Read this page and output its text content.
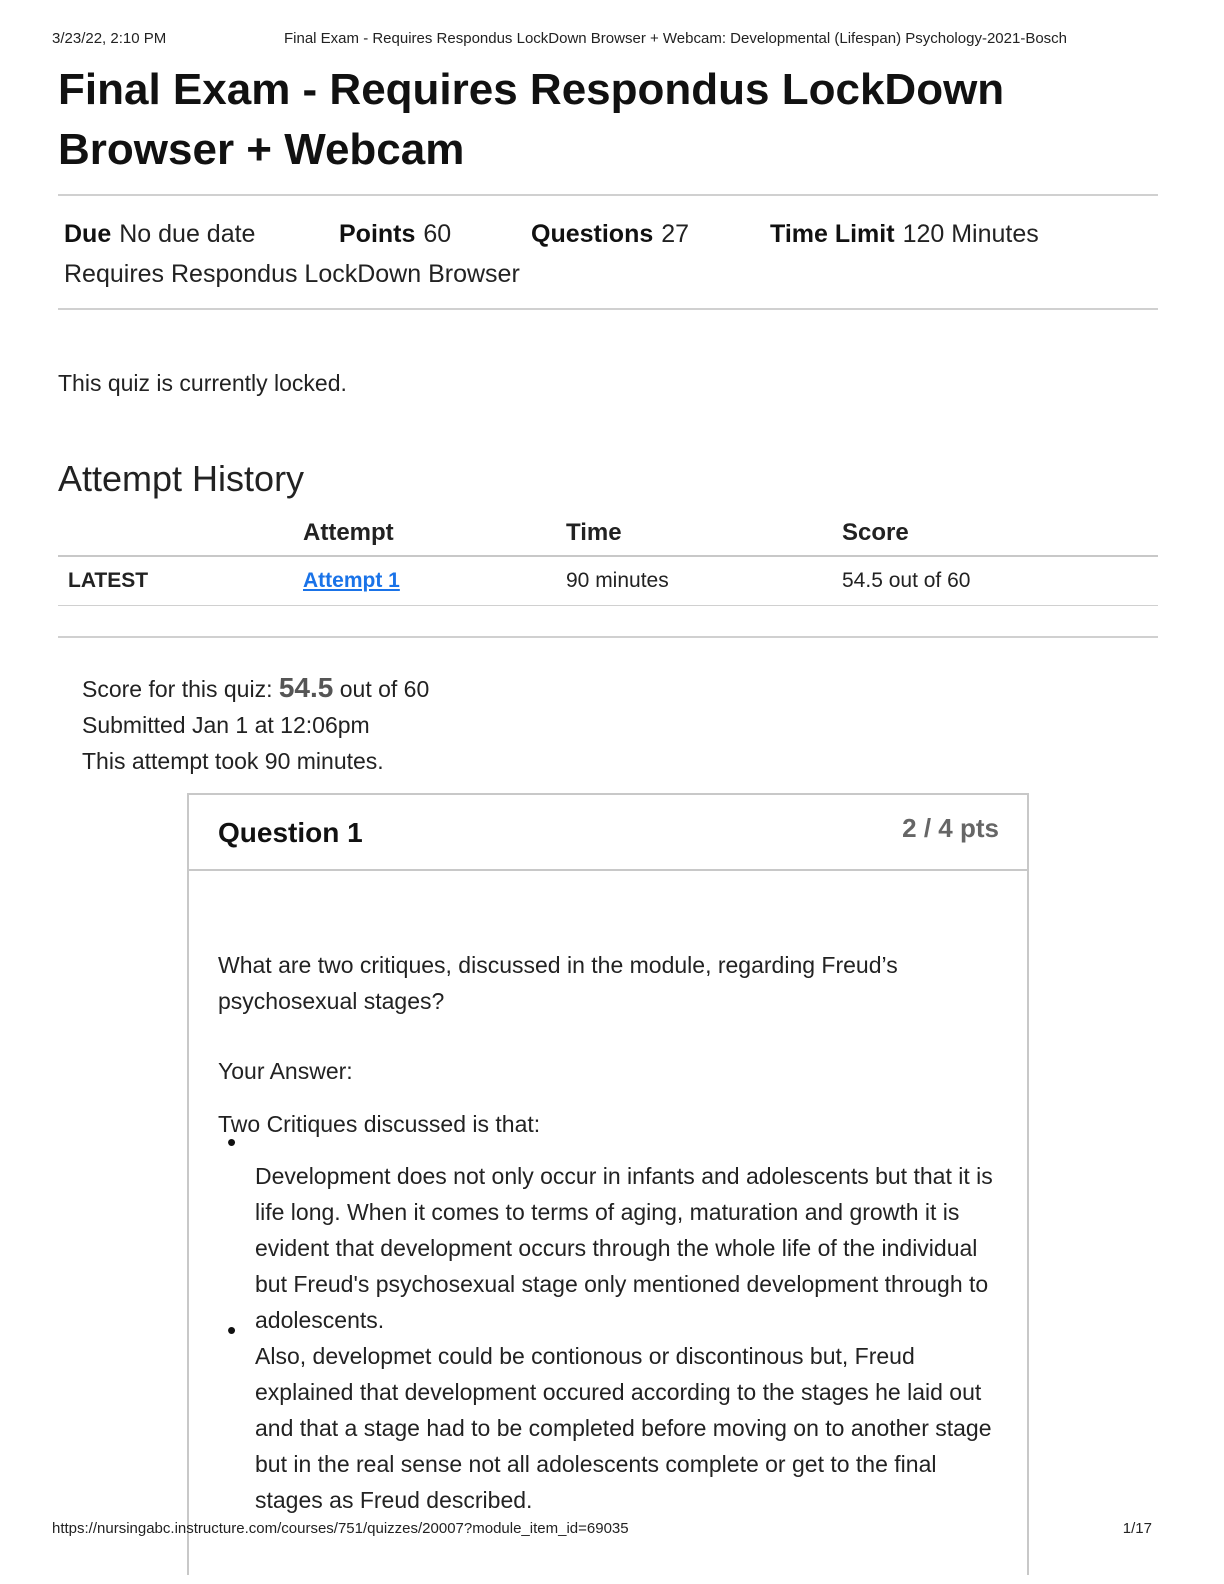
3/23/22, 2:10 PM	Final Exam - Requires Respondus LockDown Browser + Webcam: Developmental (Lifespan) Psychology-2021-Bosch
Final Exam - Requires Respondus LockDown Browser + Webcam
Due No due date	Points 60	Questions 27	Time Limit 120 Minutes
Requires Respondus LockDown Browser
This quiz is currently locked.
Attempt History
	Attempt	Time	Score
LATEST	Attempt 1	90 minutes	54.5 out of 60
Score for this quiz: 54.5 out of 60
Submitted Jan 1 at 12:06pm
This attempt took 90 minutes.
Question 1	2 / 4 pts

What are two critiques, discussed in the module, regarding Freud’s psychosexual stages?

Your Answer:
Two Critiques discussed is that:
• Development does not only occur in infants and adolescents but that it is life long. When it comes to terms of aging, maturation and growth it is evident that development occurs through the whole life of the individual but Freud's psychosexual stage only mentioned development through to adolescents.
• Also, developmet could be contionous or discontinous but, Freud explained that development occured according to the stages he laid out and that a stage had to be completed before moving on to another stage but in the real sense not all adolescents complete or get to the final stages as Freud described.
https://nursingabc.instructure.com/courses/751/quizzes/20007?module_item_id=69035	1/17
